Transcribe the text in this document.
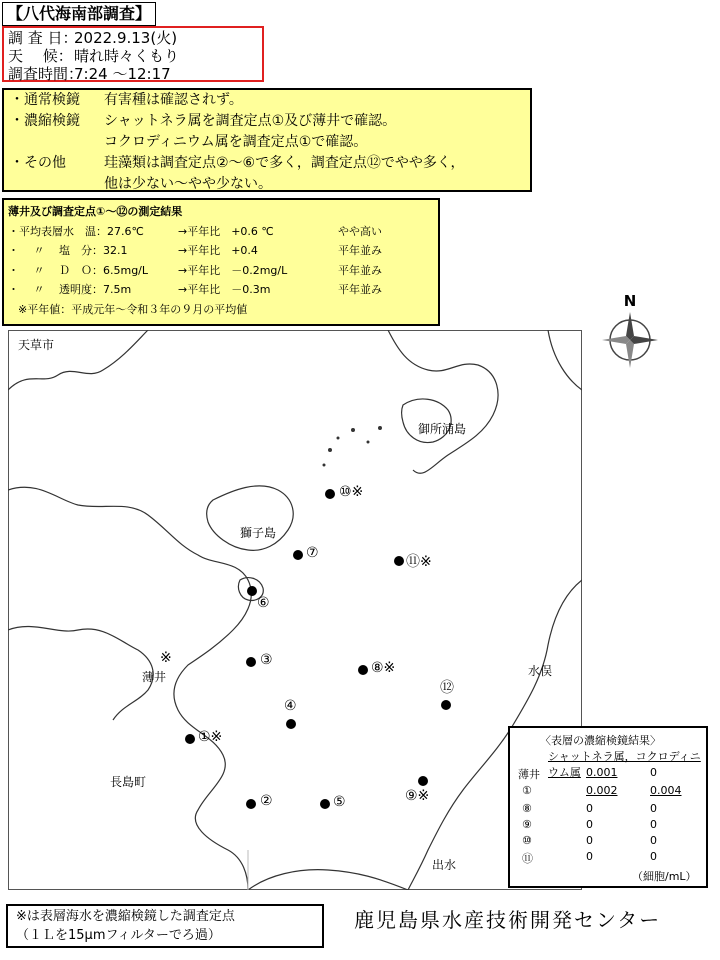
【八代海南部調査】
調 査 日：2022.9.13(火)
天　 候：晴れ時々くもり
調査時間：7:24 ～12:17
・通常検鏡 有害種は確認されず。
・濃縮検鏡 シャットネラ属を調査定点①及び薄井で確認。
コクロディニウム属を調査定点①で確認。
・その他	珪藻類は調査定点②～⑥で多く，調査定点⑫でやや多く，
他は少ない～やや少ない。
薄井及び調査定点①～⑫の測定結果
・平均表層水　温：27.6℃	→平年比　+0.6 ℃	やや高い
・　 〃　 塩　分：32.1	→平年比　+0.4	平年並み
・　 〃　 Ｄ　Ｏ：6.5mg/L	→平年比　－0.2mg/L	平年並み
・　 〃　 透明度：7.5m	→平年比　－0.3m	平年並み
※平年値：平成元年～令和３年の９月の平均値
天草市
御所浦島
獅子島
薄井	水俣
長島町
出水
N
※
①※
②
③
④
⑤
⑥
⑦
⑧※
⑨※
⑩※
⑪※
⑫
〈表層の濃縮検鏡結果〉
シャットネラ属，コクロディニウム属
薄井	0.001	0
①	0.002	0.004
⑧	0	0
⑨	0	0
⑩	0	0
⑪	0	0
（細胞/mL）
※は表層海水を濃縮検鏡した調査定点
（１Ｌを15μmフィルターでろ過）
鹿児島県水産技術開発センター
